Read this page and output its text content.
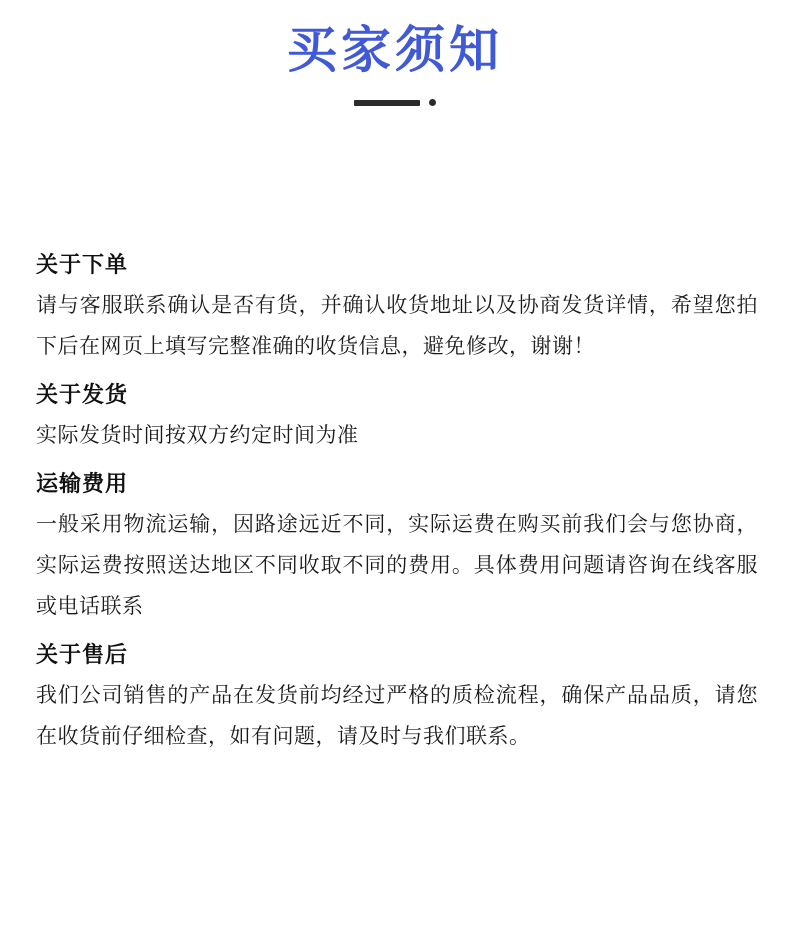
买家须知
关于下单

请与客服联系确认是否有货，并确认收货地址以及协商发货详情，希望您拍下后在网页上填写完整准确的收货信息，避免修改，谢谢！

关于发货

实际发货时间按双方约定时间为准

运输费用

一般采用物流运输，因路途远近不同，实际运费在购买前我们会与您协商，实际运费按照送达地区不同收取不同的费用。具体费用问题请咨询在线客服或电话联系

关于售后

我们公司销售的产品在发货前均经过严格的质检流程，确保产品品质，请您在收货前仔细检查，如有问题，请及时与我们联系。
